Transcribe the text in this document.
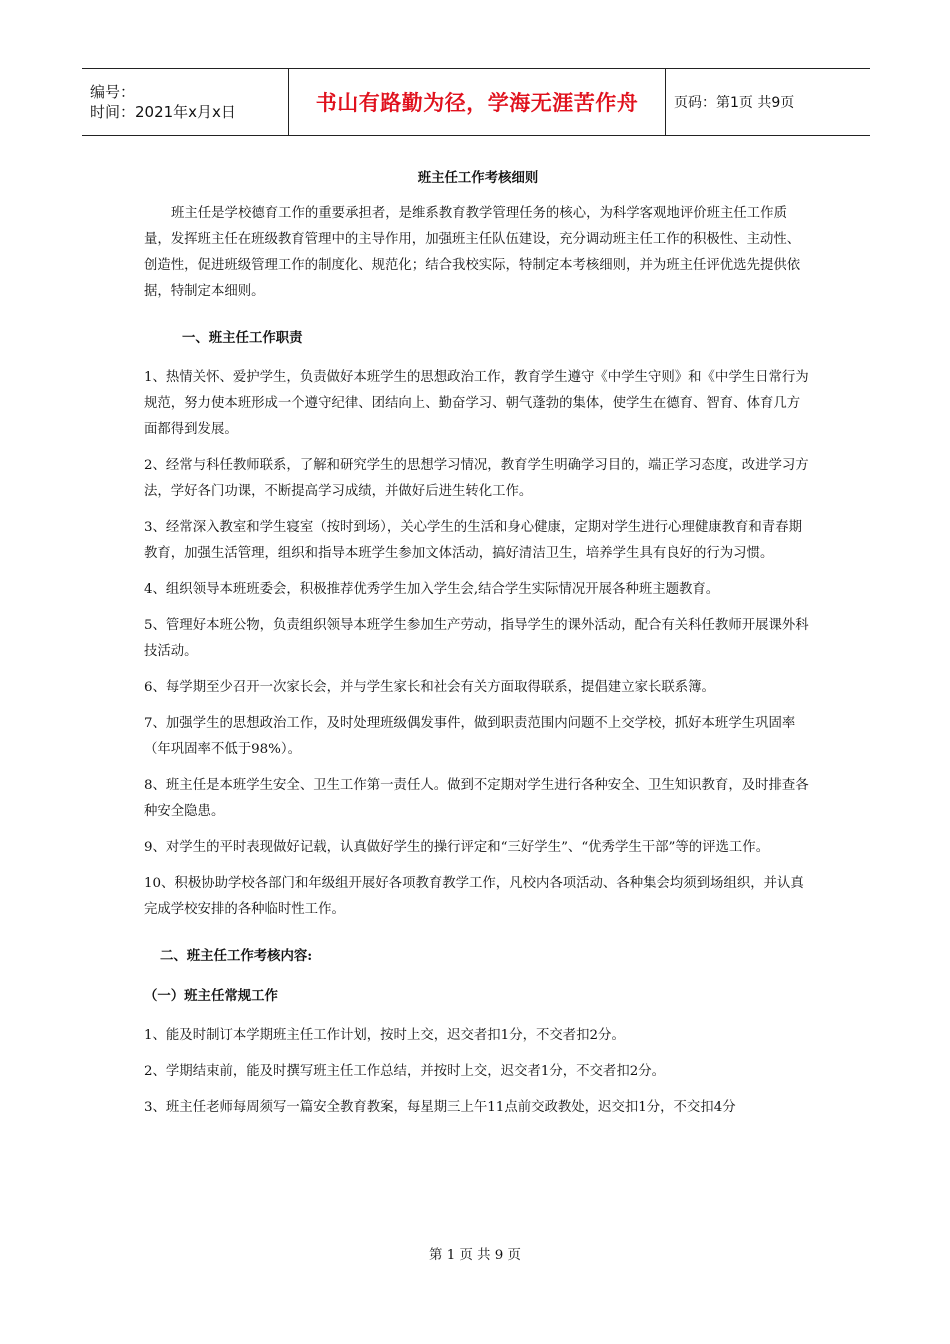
编号：
时间：2021年x月x日	书山有路勤为径，学海无涯苦作舟	页码：第1页 共9页

班主任工作考核细则

班主任是学校德育工作的重要承担者，是维系教育教学管理任务的核心，为科学客观地评价班主任工作质量，发挥班主任在班级教育管理中的主导作用，加强班主任队伍建设，充分调动班主任工作的积极性、主动性、创造性，促进班级管理工作的制度化、规范化；结合我校实际，特制定本考核细则，并为班主任评优选先提供依据，特制定本细则。

一、班主任工作职责

1、热情关怀、爱护学生，负责做好本班学生的思想政治工作，教育学生遵守《中学生守则》和《中学生日常行为规范，努力使本班形成一个遵守纪律、团结向上、勤奋学习、朝气蓬勃的集体，使学生在德育、智育、体育几方面都得到发展。

2、经常与科任教师联系，了解和研究学生的思想学习情况，教育学生明确学习目的，端正学习态度，改进学习方法，学好各门功课，不断提高学习成绩，并做好后进生转化工作。

3、经常深入教室和学生寝室（按时到场），关心学生的生活和身心健康，定期对学生进行心理健康教育和青春期教育，加强生活管理，组织和指导本班学生参加文体活动，搞好清洁卫生，培养学生具有良好的行为习惯。

4、组织领导本班班委会，积极推荐优秀学生加入学生会,结合学生实际情况开展各种班主题教育。

5、管理好本班公物，负责组织领导本班学生参加生产劳动，指导学生的课外活动，配合有关科任教师开展课外科技活动。

6、每学期至少召开一次家长会，并与学生家长和社会有关方面取得联系，提倡建立家长联系簿。

7、加强学生的思想政治工作，及时处理班级偶发事件，做到职责范围内问题不上交学校，抓好本班学生巩固率（年巩固率不低于98%）。

8、班主任是本班学生安全、卫生工作第一责任人。做到不定期对学生进行各种安全、卫生知识教育，及时排查各种安全隐患。

9、对学生的平时表现做好记载，认真做好学生的操行评定和“三好学生”、“优秀学生干部”等的评选工作。

10、积极协助学校各部门和年级组开展好各项教育教学工作，凡校内各项活动、各种集会均须到场组织，并认真完成学校安排的各种临时性工作。

二、班主任工作考核内容:

（一）班主任常规工作

1、能及时制订本学期班主任工作计划，按时上交，迟交者扣1分，不交者扣2分。

2、学期结束前，能及时撰写班主任工作总结，并按时上交，迟交者1分，不交者扣2分。

3、班主任老师每周须写一篇安全教育教案，每星期三上午11点前交政教处，迟交扣1分，不交扣4分

第 1 页 共 9 页
